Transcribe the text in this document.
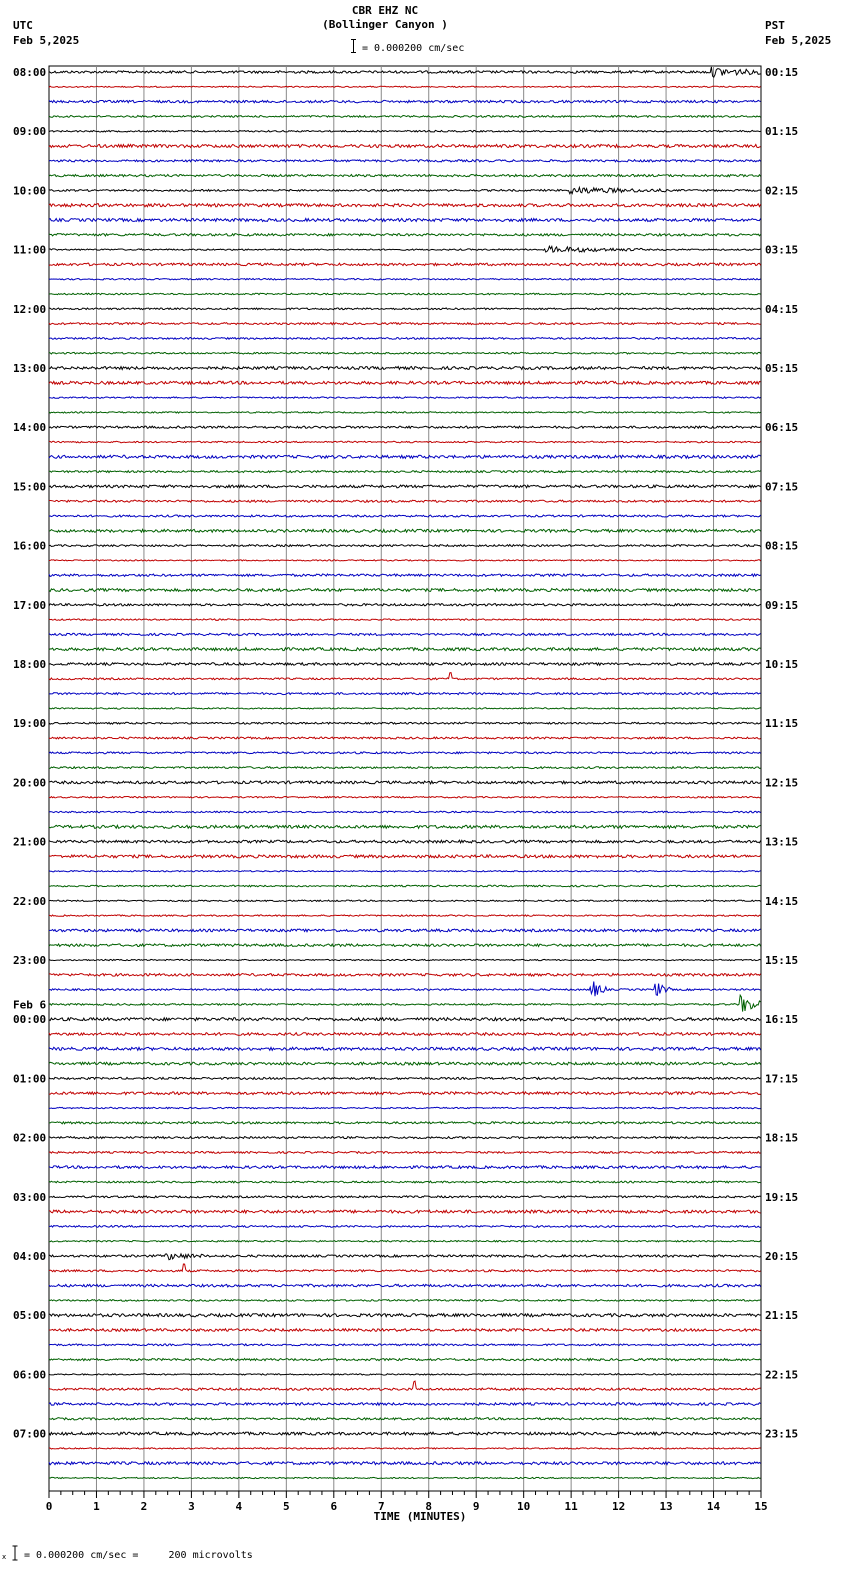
CBR EHZ NC
(Bollinger Canyon )
= 0.000200 cm/sec
UTC
Feb 5,2025
PST
Feb 5,2025
0	1	2	3	4	5	6	7	8	9	10	11	12	13	14	15
08:00
09:00
10:00
11:00
12:00
13:00
14:00
15:00
16:00
17:00
18:00
19:00
20:00
21:00
22:00
23:00
00:00
01:00
02:00
03:00
04:00
05:00
06:00
07:00
00:15
01:15
02:15
03:15
04:15
05:15
06:15
07:15
08:15
09:15
10:15
11:15
12:15
13:15
14:15
15:15
16:15
17:15
18:15
19:15
20:15
21:15
22:15
23:15
Feb 6
TIME (MINUTES)
x = 0.000200 cm/sec =     200 microvolts
